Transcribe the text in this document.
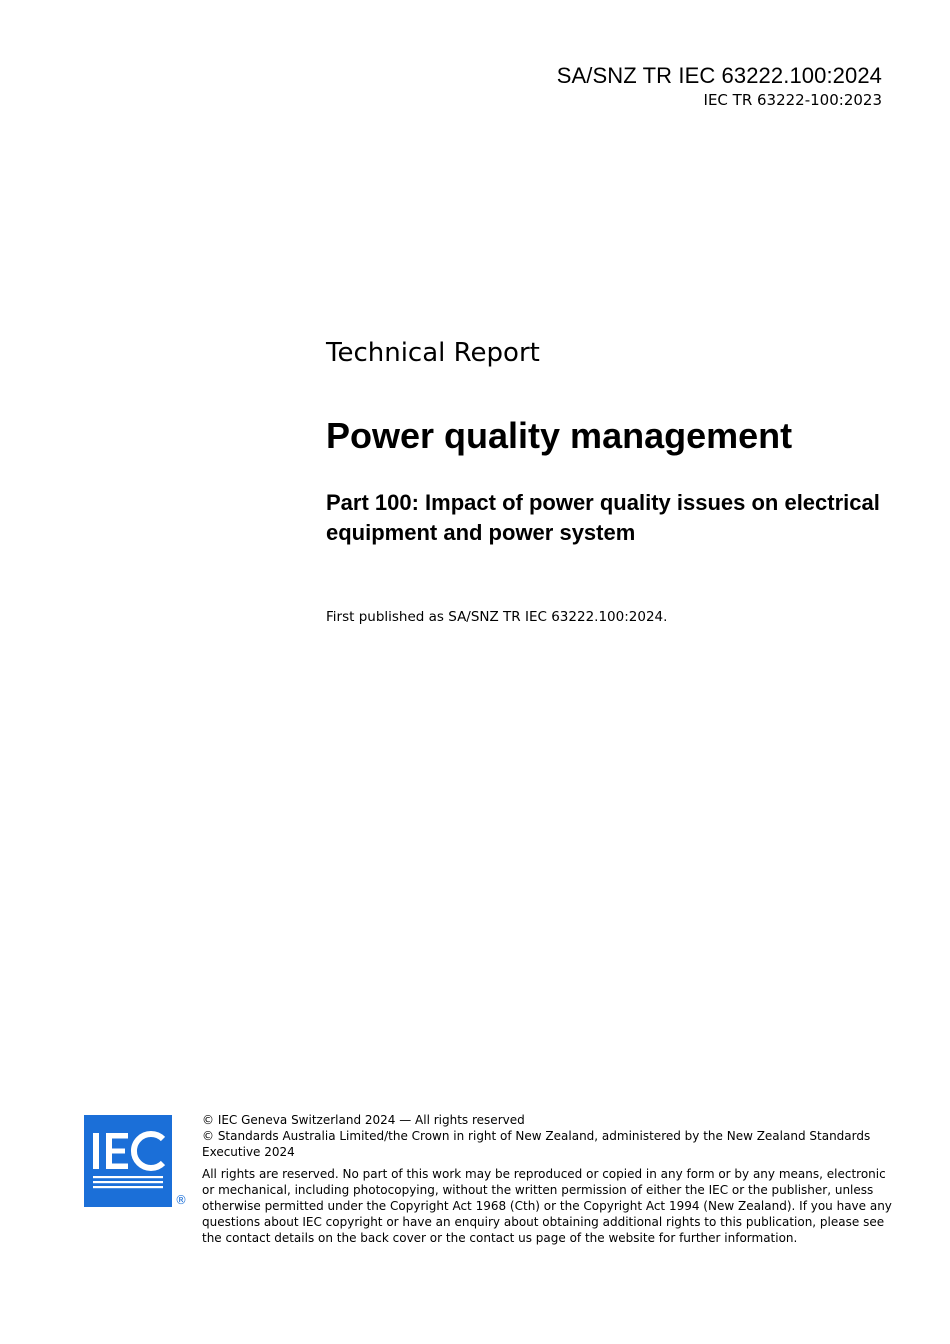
SA/SNZ TR IEC 63222.100:2024
IEC TR 63222-100:2023
Technical Report
Power quality management
Part 100: Impact of power quality issues on electrical equipment and power system

First published as SA/SNZ TR IEC 63222.100:2024.

®

© IEC Geneva Switzerland 2024 — All rights reserved

© Standards Australia Limited/the Crown in right of New Zealand, administered by the New Zealand Standards Executive 2024

All rights are reserved. No part of this work may be reproduced or copied in any form or by any means, electronic or mechanical, including photocopying, without the written permission of either the IEC or the publisher, unless otherwise permitted under the Copyright Act 1968 (Cth) or the Copyright Act 1994 (New Zealand). If you have any questions about IEC copyright or have an enquiry about obtaining additional rights to this publication, please see the contact details on the back cover or the contact us page of the website for further information.
